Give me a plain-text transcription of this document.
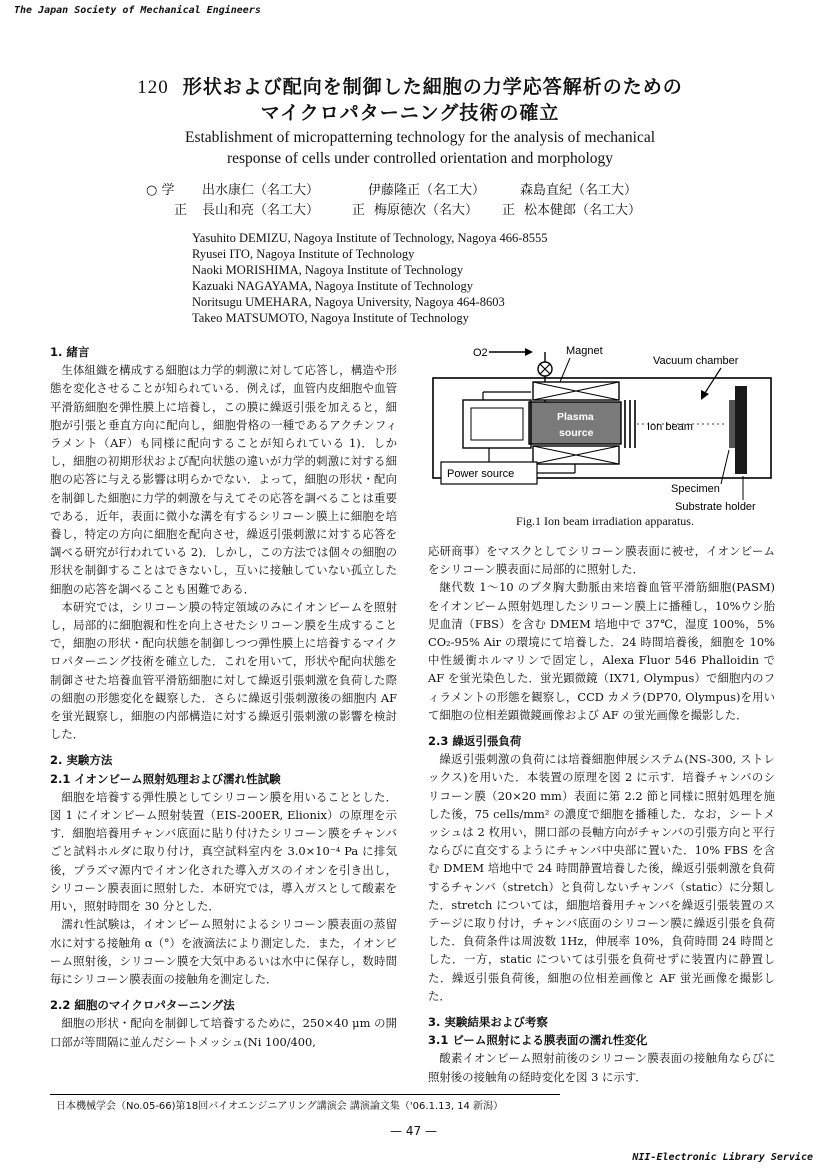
The Japan Society of Mechanical Engineers
120 形状および配向を制御した細胞の力学応答解析のための
マイクロパターニング技術の確立
Establishment of micropatterning technology for the analysis of mechanical
response of cells under controlled orientation and morphology
○ 学 出水康仁（名工大）	伊藤隆正（名工大）	森島直紀（名工大）
正 長山和亮（名工大）	正 梅原徳次（名大） 正 松本健郎（名工大）
Yasuhito DEMIZU, Nagoya Institute of Technology, Nagoya 466-8555
Ryusei ITO, Nagoya Institute of Technology
Naoki MORISHIMA, Nagoya Institute of Technology
Kazuaki NAGAYAMA, Nagoya Institute of Technology
Noritsugu UMEHARA, Nagoya University, Nagoya 464-8603
Takeo MATSUMOTO, Nagoya Institute of Technology
1. 緒言

生体組織を構成する細胞は力学的刺激に対して応答し，構造や形態を変化させることが知られている．例えば，血管内皮細胞や血管平滑筋細胞を弾性膜上に培養し，この膜に繰返引張を加えると，細胞が引張と垂直方向に配向し，細胞骨格の一種であるアクチンフィラメント（AF）も同様に配向することが知られている 1)．しかし，細胞の初期形状および配向状態の違いが力学的刺激に対する細胞の応答に与える影響は明らかでない．よって，細胞の形状・配向を制御した細胞に力学的刺激を与えてその応答を調べることは重要である．近年，表面に微小な溝を有するシリコーン膜上に細胞を培養し，特定の方向に細胞を配向させ，繰返引張刺激に対する応答を調べる研究が行われている 2)．しかし，この方法では個々の細胞の形状を制御することはできないし，互いに接触していない孤立した細胞の応答を調べることも困難である．

本研究では，シリコーン膜の特定領域のみにイオンビームを照射し，局部的に細胞親和性を向上させたシリコーン膜を生成することで，細胞の形状・配向状態を制御しつつ弾性膜上に培養するマイクロパターニング技術を確立した．これを用いて，形状や配向状態を制御させた培養血管平滑筋細胞に対して繰返引張刺激を負荷した際の細胞の形態変化を観察した．さらに繰返引張刺激後の細胞内 AF を蛍光観察し，細胞の内部構造に対する繰返引張刺激の影響を検討した．

2. 実験方法
2.1 イオンビーム照射処理および濡れ性試験

細胞を培養する弾性膜としてシリコーン膜を用いることとした．図 1 にイオンビーム照射装置（EIS-200ER, Elionix）の原理を示す．細胞培養用チャンバ底面に貼り付けたシリコーン膜をチャンバごと試料ホルダに取り付け，真空試料室内を 3.0×10⁻⁴ Pa に排気後，プラズマ源内でイオン化された導入ガスのイオンを引き出し，シリコーン膜表面に照射した．本研究では，導入ガスとして酸素を用い，照射時間を 30 分とした．

濡れ性試験は，イオンビーム照射によるシリコーン膜表面の蒸留水に対する接触角 α（°）を液滴法により測定した．また，イオンビーム照射後，シリコーン膜を大気中あるいは水中に保存し，数時間毎にシリコーン膜表面の接触角を測定した．

2.2 細胞のマイクロパターニング法

細胞の形状・配向を制御して培養するために，250×40 μm の開口部が等間隔に並んだシートメッシュ(Ni 100/400,

O2	Magnet
Plasma
source
Vacuum chamber
Ion beam
Specimen
Substrate holder
Power source
Fig.1 Ion beam irradiation apparatus.

応研商事）をマスクとしてシリコーン膜表面に被せ，イオンビームをシリコーン膜表面に局部的に照射した．

継代数 1〜10 のブタ胸大動脈由来培養血管平滑筋細胞(PASM) をイオンビーム照射処理したシリコーン膜上に播種し，10%ウシ胎児血清（FBS）を含む DMEM 培地中で 37℃，湿度 100%，5% CO₂-95% Air の環境にて培養した．24 時間培養後，細胞を 10%中性緩衝ホルマリンで固定し，Alexa Fluor 546 Phalloidin で AF を蛍光染色した．蛍光顕微鏡（IX71, Olympus）で細胞内のフィラメントの形態を観察し，CCD カメラ(DP70, Olympus)を用いて細胞の位相差顕微鏡画像および AF の蛍光画像を撮影した．

2.3 繰返引張負荷

繰返引張刺激の負荷には培養細胞伸展システム(NS-300, ストレックス)を用いた．本装置の原理を図 2 に示す．培養チャンバのシリコーン膜（20×20 mm）表面に第 2.2 節と同様に照射処理を施した後，75 cells/mm² の濃度で細胞を播種した．なお，シートメッシュは 2 枚用い，開口部の長軸方向がチャンバの引張方向と平行ならびに直交するようにチャンバ中央部に置いた．10% FBS を含む DMEM 培地中で 24 時間静置培養した後，繰返引張刺激を負荷するチャンバ（stretch）と負荷しないチャンバ（static）に分類した．stretch については，細胞培養用チャンバを繰返引張装置のステージに取り付け，チャンバ底面のシリコーン膜に繰返引張を負荷した．負荷条件は周波数 1Hz，伸展率 10%，負荷時間 24 時間とした．一方，static については引張を負荷せずに装置内に静置した．繰返引張負荷後，細胞の位相差画像と AF 蛍光画像を撮影した．

3. 実験結果および考察
3.1 ビーム照射による膜表面の濡れ性変化

酸素イオンビーム照射前後のシリコーン膜表面の接触角ならびに照射後の接触角の経時変化を図 3 に示す．

日本機械学会（No.05-66)第18回バイオエンジニアリング講演会 講演論文集（'06.1.13, 14 新潟）
— 47 —
NII-Electronic Library Service
